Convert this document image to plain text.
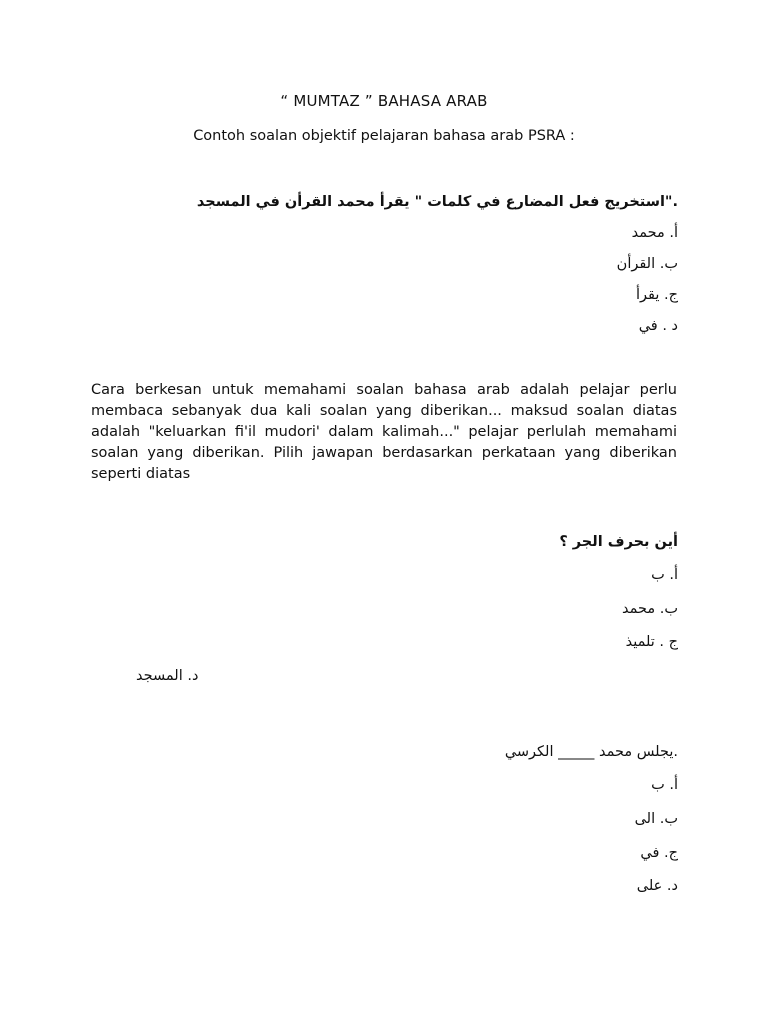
“ MUMTAZ ” BAHASA ARAB
Contoh soalan objektif pelajaran bahasa arab PSRA :
."استخريج فعل المضارع في كلمات " يقرأ محمد القرأن في المسجد
أ. محمد
ب. القرأن
ج. يقرأ
د . في
Cara berkesan untuk memahami soalan bahasa arab adalah pelajar perlu membaca sebanyak dua kali soalan yang diberikan... maksud soalan diatas adalah "keluarkan fi'il mudori' dalam kalimah..." pelajar perlulah memahami soalan yang diberikan. Pilih jawapan berdasarkan perkataan yang diberikan seperti diatas
أين بحرف الجر ؟
أ. ب
ب. محمد
ج . تلميذ
د. المسجد
.يجلس محمد _____ الكرسي
أ. ب
ب. الى
ج. في
د. على
